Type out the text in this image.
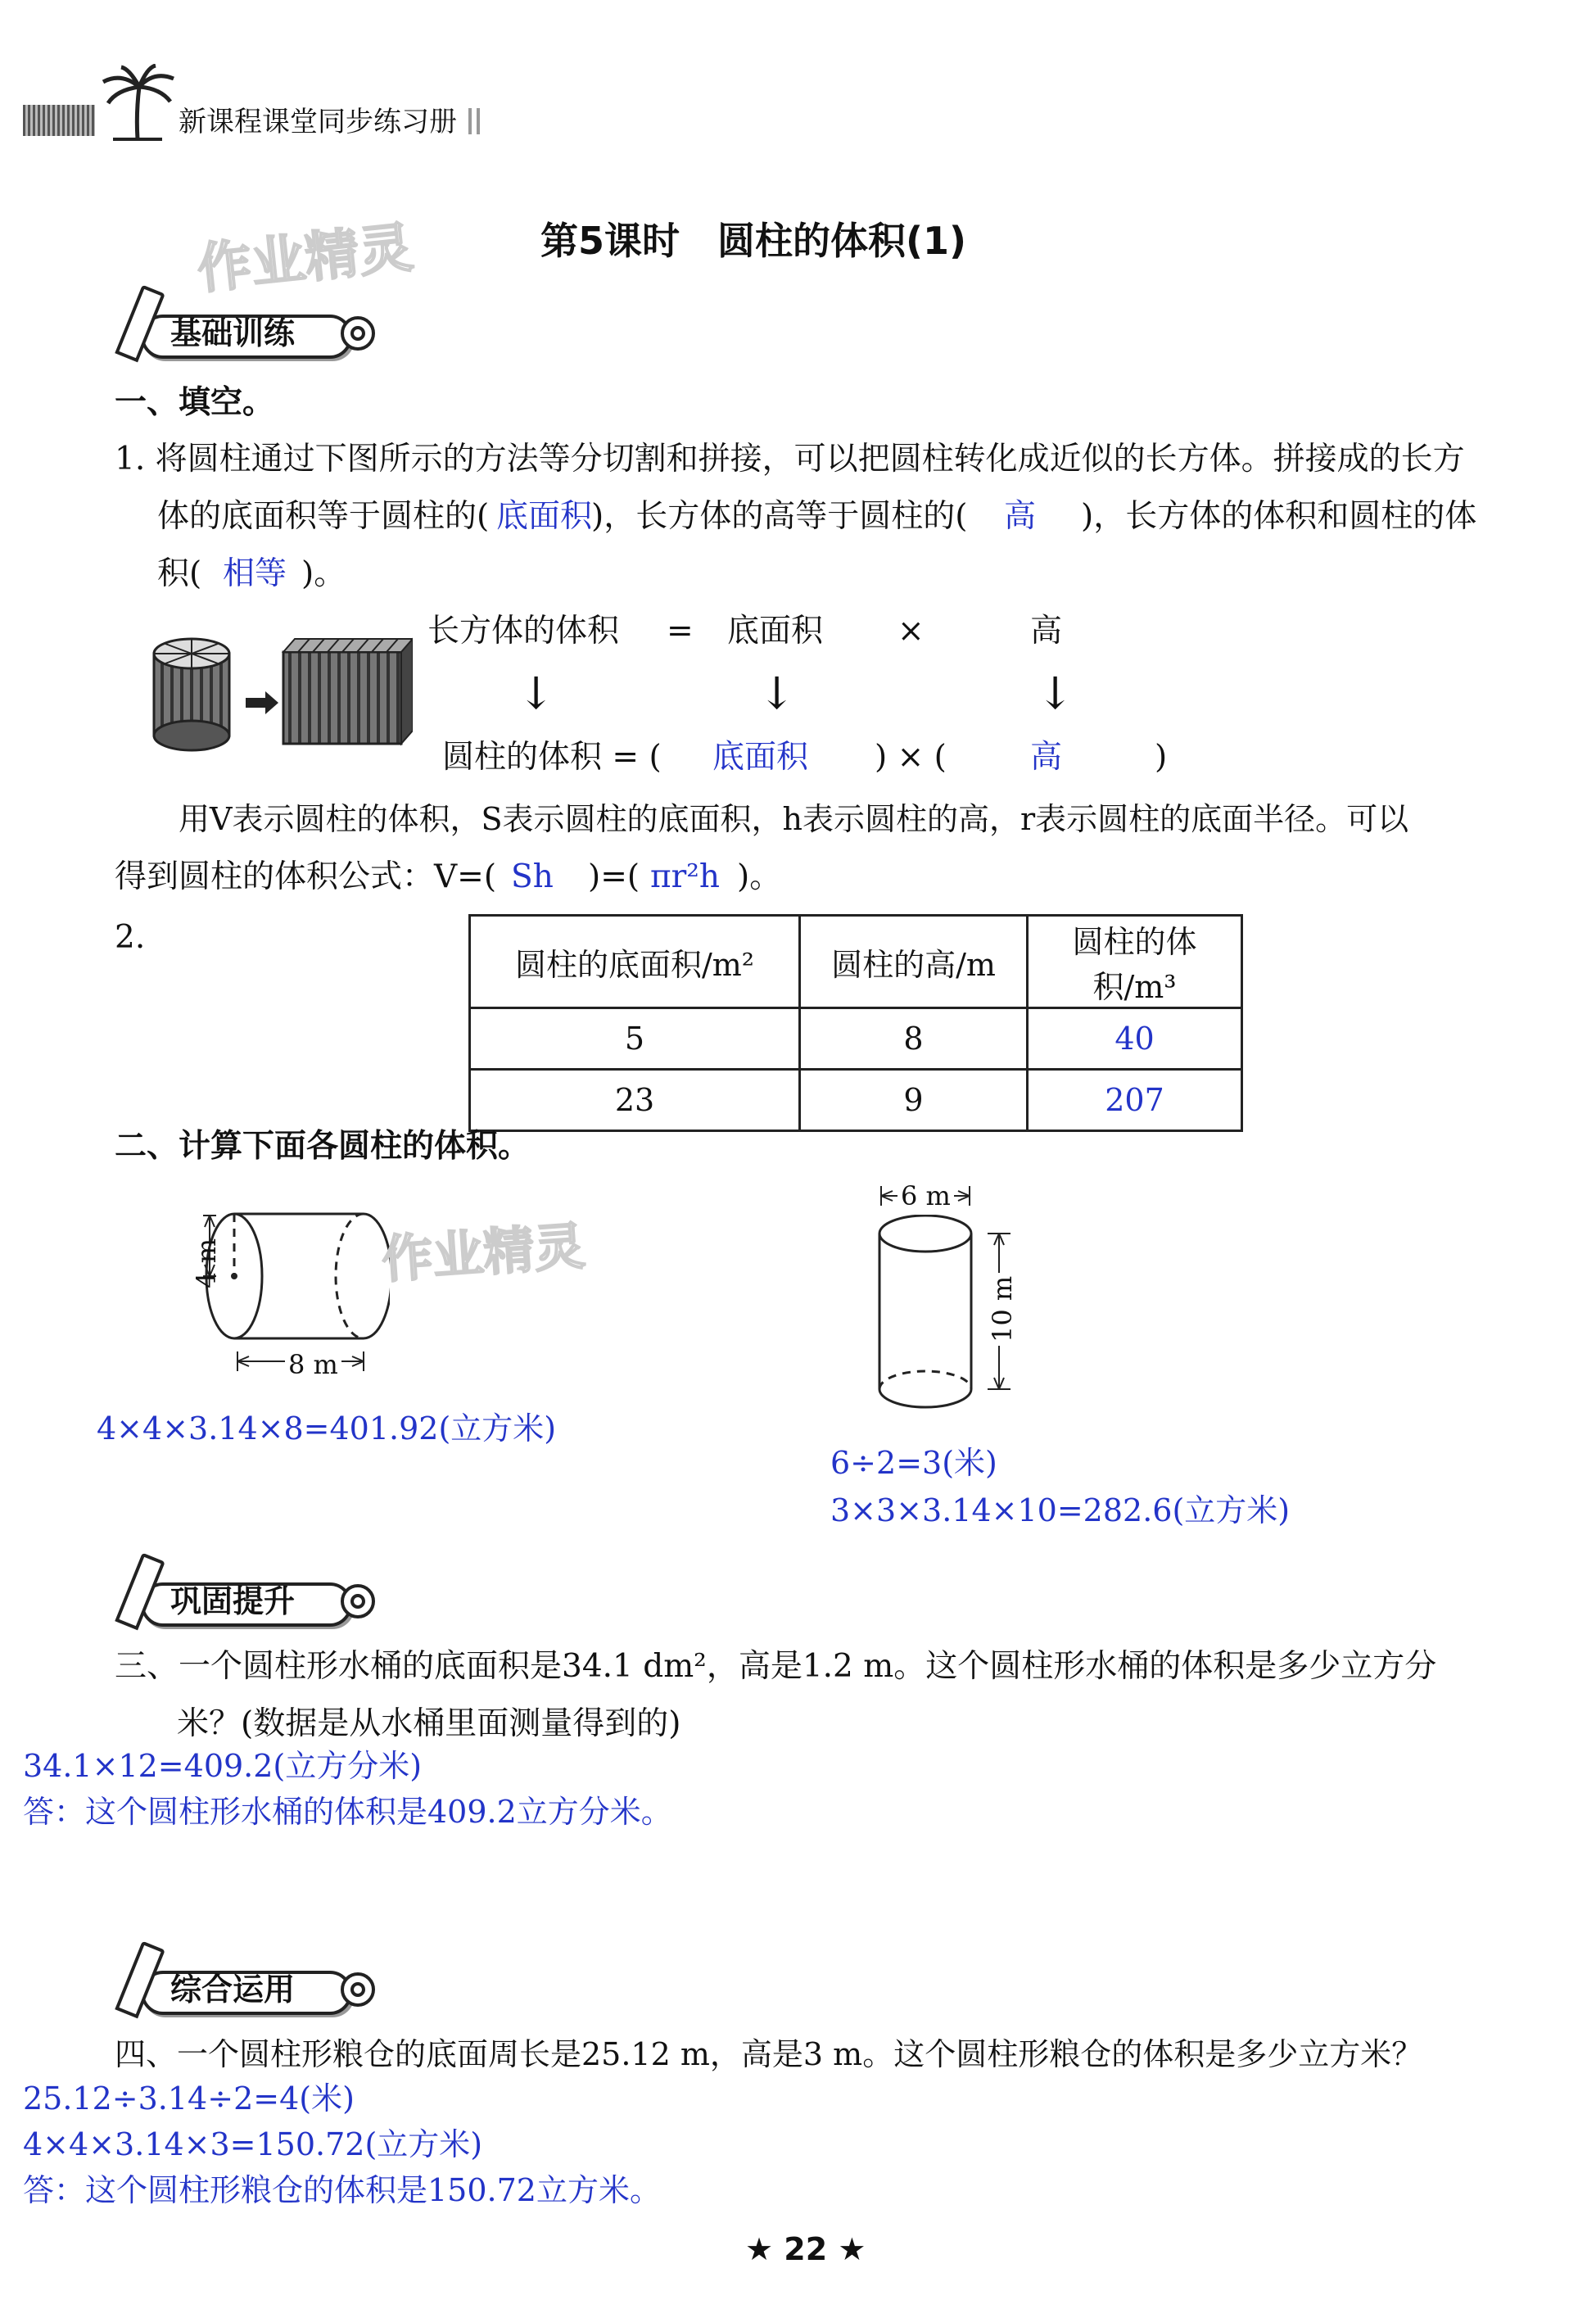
新课程课堂同步练习册
作业精灵	第5课时　圆柱的体积(1)
基础训练
一、填空。
1. 将圆柱通过下图所示的方法等分切割和拼接，可以把圆柱转化成近似的长方体。拼接成的长方
体的底面积等于圆柱的( 底面积
)，长方体的高等于圆柱的( 高 )，长方体的体积和圆柱的体
积( 相等 )。
长方体的体积 = 底面积 ×	高
↓	↓	↓
圆柱的体积 = ( 底面积 ) × (	高	)
用V表示圆柱的体积，S表示圆柱的底面积，h表示圆柱的高，r表示圆柱的底面半径。可以
得到圆柱的体积公式：V=( Sh )=( πr²h )。
2.
圆柱的底面积/m²	圆柱的高/m	圆柱的体积/m³
5	8	40
23	9	207
二、计算下面各圆柱的体积。
4 m
8 m
作业精灵
4×4×3.14×8=401.92(立方米)
6 m
10 m
6÷2=3(米)
3×3×3.14×10=282.6(立方米)
巩固提升
三、一个圆柱形水桶的底面积是34.1 dm²，高是1.2 m。这个圆柱形水桶的体积是多少立方分
米？(数据是从水桶里面测量得到的)
34.1×12=409.2(立方分米)
答：这个圆柱形水桶的体积是409.2立方分米。
综合运用
四、一个圆柱形粮仓的底面周长是25.12 m，高是3 m。这个圆柱形粮仓的体积是多少立方米？
25.12÷3.14÷2=4(米)
4×4×3.14×3=150.72(立方米)
答：这个圆柱形粮仓的体积是150.72立方米。
★ 22 ★
